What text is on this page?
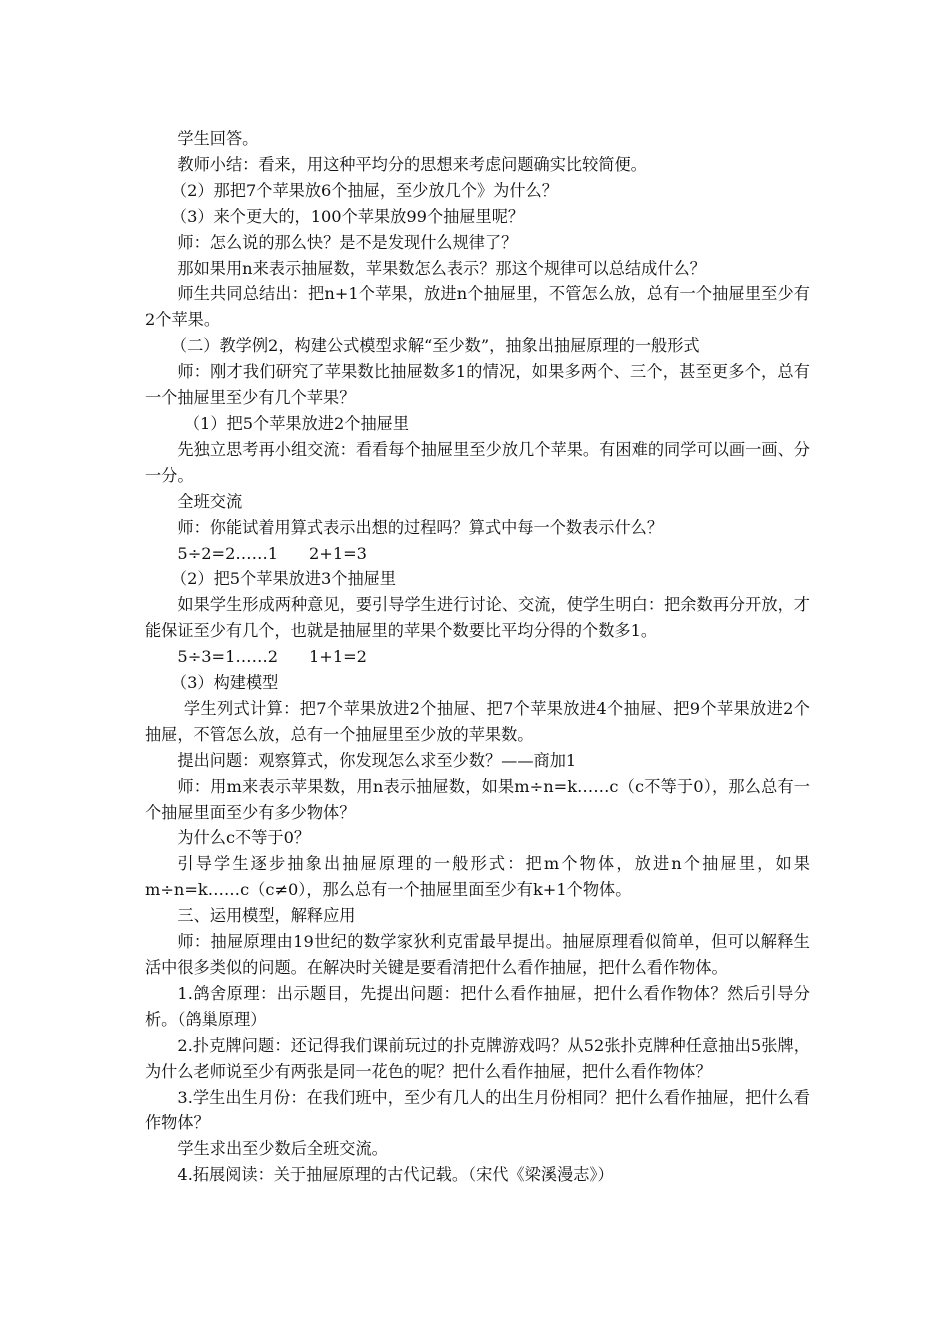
学生回答。

教师小结：看来，用这种平均分的思想来考虑问题确实比较简便。

（2）那把7个苹果放6个抽屉，至少放几个》为什么？

（3）来个更大的，100个苹果放99个抽屉里呢？

师：怎么说的那么快？是不是发现什么规律了？

那如果用n来表示抽屉数，苹果数怎么表示？那这个规律可以总结成什么？

师生共同总结出：把n+1个苹果，放进n个抽屉里，不管怎么放，总有一个抽屉里至少有2个苹果。

（二）教学例2，构建公式模型求解“至少数”，抽象出抽屉原理的一般形式

师：刚才我们研究了苹果数比抽屉数多1的情况，如果多两个、三个，甚至更多个，总有一个抽屉里至少有几个苹果？

（1）把5个苹果放进2个抽屉里

先独立思考再小组交流：看看每个抽屉里至少放几个苹果。有困难的同学可以画一画、分一分。

全班交流

师：你能试着用算式表示出想的过程吗？算式中每一个数表示什么？

5÷2=2……1      2+1=3

（2）把5个苹果放进3个抽屉里

如果学生形成两种意见，要引导学生进行讨论、交流，使学生明白：把余数再分开放，才能保证至少有几个，也就是抽屉里的苹果个数要比平均分得的个数多1。

5÷3=1……2      1+1=2

（3）构建模型

学生列式计算：把7个苹果放进2个抽屉、把7个苹果放进4个抽屉、把9个苹果放进2个抽屉，不管怎么放，总有一个抽屉里至少放的苹果数。

提出问题：观察算式，你发现怎么求至少数？——商加1

师：用m来表示苹果数，用n表示抽屉数，如果m÷n=k……c（c不等于0），那么总有一个抽屉里面至少有多少物体？

为什么c不等于0？

引导学生逐步抽象出抽屉原理的一般形式：把m个物体，放进n个抽屉里，如果m÷n=k……c（c≠0），那么总有一个抽屉里面至少有k+1个物体。

三、运用模型，解释应用

师：抽屉原理由19世纪的数学家狄利克雷最早提出。抽屉原理看似简单，但可以解释生活中很多类似的问题。在解决时关键是要看清把什么看作抽屉，把什么看作物体。

1.鸽舍原理：出示题目，先提出问题：把什么看作抽屉，把什么看作物体？然后引导分析。（鸽巢原理）

2.扑克牌问题：还记得我们课前玩过的扑克牌游戏吗？从52张扑克牌种任意抽出5张牌，为什么老师说至少有两张是同一花色的呢？把什么看作抽屉，把什么看作物体？

3.学生出生月份：在我们班中，至少有几人的出生月份相同？把什么看作抽屉，把什么看作物体？

学生求出至少数后全班交流。

4.拓展阅读：关于抽屉原理的古代记载。（宋代《梁溪漫志》）
